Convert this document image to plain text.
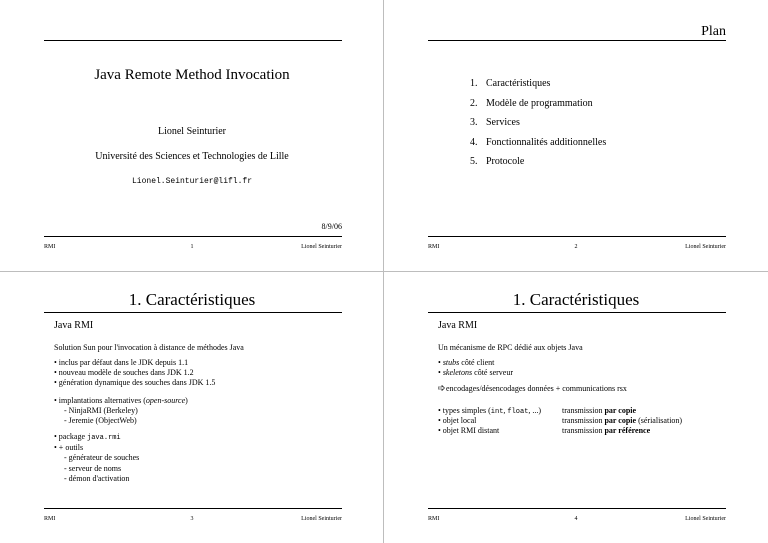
Java Remote Method Invocation
Lionel Seinturier
Université des Sciences et Technologies de Lille
Lionel.Seinturier@lifl.fr
8/9/06
RMI	1	Lionel Seinturier
Plan
1. Caractéristiques
2. Modèle de programmation
3. Services
4. Fonctionnalités additionnelles
5. Protocole
RMI	2	Lionel Seinturier
1. Caractéristiques
Java RMI
Solution Sun pour l'invocation à distance de méthodes Java
• inclus par défaut dans le JDK depuis 1.1
• nouveau modèle de souches dans JDK 1.2
• génération dynamique des souches dans JDK 1.5
• implantations alternatives (open-source)
- NinjaRMI (Berkeley)
- Jeremie (ObjectWeb)
• package java.rmi
• + outils
- générateur de souches
- serveur de noms
- démon d'activation
RMI	3	Lionel Seinturier
1. Caractéristiques
Java RMI
Un mécanisme de RPC dédié aux objets Java
• stubs côté client
• skeletons côté serveur
encodages/désencodages données + communications rsx
• types simples (int, float, ...)	transmission par copie
• objet local	transmission par copie (sérialisation)
• objet RMI distant	transmission par référence
RMI	4	Lionel Seinturier
